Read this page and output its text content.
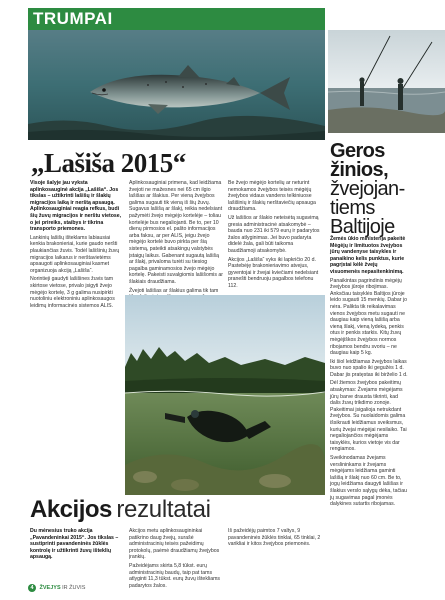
TRUMPAI
„Lašiša 2015“

Visoje šalyje jau vyksta aplinkosauginė akcija „Lašiša“. Jos tikslas – užtikrinti lašišų ir šlakių migracijos laiką ir nerštą apsaugą. Aplinkosauginiai reagia refkus, budi šių žuvų migracijos ir nerštu vietose, o jei prireiks, staibys ir tikrina transporto priemones.

Lankinių lašišų išteklams labiausiai kenkia brakonieriai, kurie gaudo neršti plaukiančias žuvis. Todėl lašišinių žuvų migracijos laikarus ir nerštavietėms apsaugoti aplinkosauginiai kasmet organizuoja akciją „Lašiša“.

Norintieji gaudyti lašišines žuvis tam skirtose vietose, privalo įsigyti žvejo mėgėjo kortelę, 3 g galima nusipirkti nuotoliniu elektroniniu aplinkosaugos leidimų informacinės sistemos ALIS.

Aplinkosauginiai primena, kad leidžiama žvejoti ne mažesnes nei 65 cm ilgio lašišas ar šlakius. Per vieną žvejybos galima sugauti tik vieną iš šių žuvų. Sugavus lašišą ar šlakį, reikia nedelsiant pažymėti žvejo mėgėjo kortelėje – toliau kortelėje bus negaliojanti. Be to, per 10 dienų pirmosios el. pašto informacijos arba faksu, ar per ALIS, jeigu žvejo mėgėjo kortelė buvo pirkta per šią sistemą, pateikti atsakingų valstybės įstaigų laikus. Gabenant sugautą lašišą ar šlakį, privaloma turėti su tiesiog pagalba gaminamosios žvejo mėgėjo kortelę. Pakeisti suvalgiomis lašišomis ar šlakiais draudžiama.

Žvejoti lašišas ar šlakius galima tik tam

Be žvejo mėgėjo kortelių ar neturint nemokamos žvejybos teisės mėgėjų žvejybos vidaus vandens telkiniuose lašišinių ir šlakių nerštaviečių apsauga draudžiama.

Už lašišos ar šlakio neteisėtą sugavimą gresia administracinė atsakomybė – bauda nuo 231 iki 579 eurų ir padarytos žalos atlyginimas. Jei buvo padaryta didelė žala, gali būti taikoma baudžiamoji atsakomybė.

Akcijos „Lašiša“ vyks iki lapkričio 20 d. Pastebėję brakonieriavimo atvejus, gyventojai ir žvejai kviečiami nedelsiant pranešti bendruoju pagalbos telefonu 112.

Akcijos rezultatai

Du mėnesius truko akcija „Pavandeninkai 2015“. Jos tikslas – sustiprinti pavandeninės žūklės kontrolę ir užtikrinti žuvų išteklių apsaugą.

Akcijos metu aplinkosaugininkai patikrino daug žvejų, surašė administracinių teisės pažeidimų protokolų, paėmė draudžiamų žvejybos įrankių.

Pažeidėjams skirta 5,8 tūkst. eurų administracinių baudų, taip pat tams atlyginti 11,3 tūkst. eurų žuvų ištekliams padarytos žalos.

Iš pažeidėjų paimtos 7 valtys, 9 pavandeninės žūklės tinklai, 65 tinklai, 2 varikliai ir kitos žvejybos priemonės.

Geros
žinios,
žvejojan-
tiems
Baltijoje

Žemės ūkio ministerija pakeitė Mėgėjų ir limituotos žvejybos jūrų vandenyse taisykles ir panaikino kelis punktus, kurie pagrįstai kėlė žvejų visuomenės nepasitenkinimą.

Panaikintas pagrindinis mėgėjų žvejybos jūroje ribojimas. Anksčiau taisyklės Baltijos jūroje leido sugauti 15 menkių. Dabar jo nėra. Palikta tik reikalavimas vienos žvejybos metu sugauti ne daugiau kaip vieną lašišą arba vieną šlakį, vieną lydeką, penkis otus ir penkis starkis. Kitų žuvų mėgėjiškos žvejybos normos ribojamos bendru svoriu – ne daugiau kaip 5 kg.

Iki šiol leidžiamas žvejybos laikas buvo nuo spalio iki gegužės 1 d. Dabar jis pratęstas iki birželio 1 d.

Dėl žiemos žvejybos pakeitimų atsakymas: Žvejams mėgėjams jūrų barve drausta tikrinti, kad dalis žuvų trikdimo zonoje. Pakeitimai įsigalioja netrukdant žvejybos. Su nuolaidomis galima išsikrauti leidžiamus sveiksmus, kurių žvejai mėgėjai nesilaiko. Tai negaliojančios mėgėjams taisyklės, kurios vietoje vis dar rengiamos.

Sveikinodamas žvejams verslininkams ir žvejams mėgėjams leidžiama gaminti lašišą ir šlakį nuo 60 cm. Be to, jogų leidžiama daugyti lašišas ir šlakius verslo sąlygų dėka, tačiau jų sugavimas pagal įmonės dalykines sutartis ribojamas.

4 ŽVEJYS IR ŽUVIS
